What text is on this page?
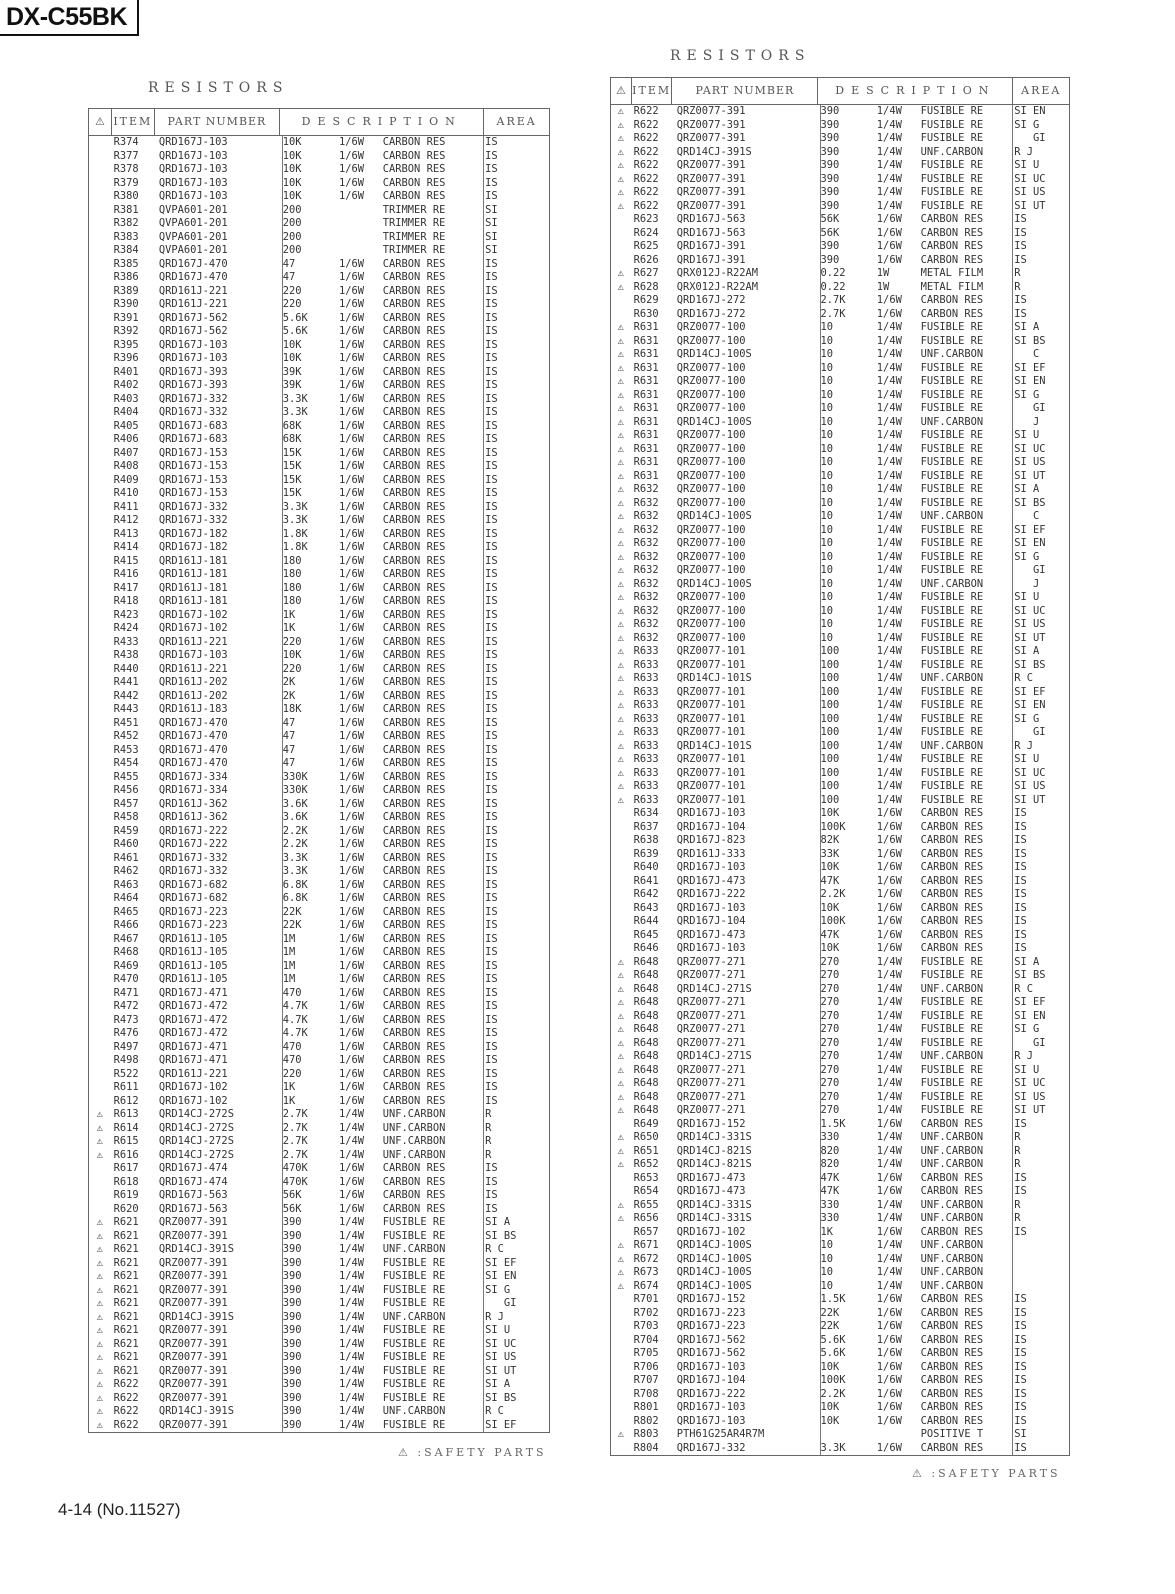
DX-C55BK
RESISTORS
⚠ ITEM	PART NUMBER	DESCRIPTION	AREA
R374	QRD167J-103	10K      1/6W   CARBON RES	IS
R377	QRD167J-103	10K      1/6W   CARBON RES	IS
R378	QRD167J-103	10K      1/6W   CARBON RES	IS
R379	QRD167J-103	10K      1/6W   CARBON RES	IS
R380	QRD167J-103	10K      1/6W   CARBON RES	IS
R381	QVPA601-201	200             TRIMMER RE	SI
R382	QVPA601-201	200             TRIMMER RE	SI
R383	QVPA601-201	200             TRIMMER RE	SI
R384	QVPA601-201	200             TRIMMER RE	SI
R385	QRD167J-470	47       1/6W   CARBON RES	IS
R386	QRD167J-470	47       1/6W   CARBON RES	IS
R389	QRD161J-221	220      1/6W   CARBON RES	IS
R390	QRD161J-221	220      1/6W   CARBON RES	IS
R391	QRD167J-562	5.6K     1/6W   CARBON RES	IS
R392	QRD167J-562	5.6K     1/6W   CARBON RES	IS
R395	QRD167J-103	10K      1/6W   CARBON RES	IS
R396	QRD167J-103	10K      1/6W   CARBON RES	IS
R401	QRD167J-393	39K      1/6W   CARBON RES	IS
R402	QRD167J-393	39K      1/6W   CARBON RES	IS
R403	QRD167J-332	3.3K     1/6W   CARBON RES	IS
R404	QRD167J-332	3.3K     1/6W   CARBON RES	IS
R405	QRD167J-683	68K      1/6W   CARBON RES	IS
R406	QRD167J-683	68K      1/6W   CARBON RES	IS
R407	QRD167J-153	15K      1/6W   CARBON RES	IS
R408	QRD167J-153	15K      1/6W   CARBON RES	IS
R409	QRD167J-153	15K      1/6W   CARBON RES	IS
R410	QRD167J-153	15K      1/6W   CARBON RES	IS
R411	QRD167J-332	3.3K     1/6W   CARBON RES	IS
R412	QRD167J-332	3.3K     1/6W   CARBON RES	IS
R413	QRD167J-182	1.8K     1/6W   CARBON RES	IS
R414	QRD167J-182	1.8K     1/6W   CARBON RES	IS
R415	QRD161J-181	180      1/6W   CARBON RES	IS
R416	QRD161J-181	180      1/6W   CARBON RES	IS
R417	QRD161J-181	180      1/6W   CARBON RES	IS
R418	QRD161J-181	180      1/6W   CARBON RES	IS
R423	QRD167J-102	1K       1/6W   CARBON RES	IS
R424	QRD167J-102	1K       1/6W   CARBON RES	IS
R433	QRD161J-221	220      1/6W   CARBON RES	IS
R438	QRD167J-103	10K      1/6W   CARBON RES	IS
R440	QRD161J-221	220      1/6W   CARBON RES	IS
R441	QRD161J-202	2K       1/6W   CARBON RES	IS
R442	QRD161J-202	2K       1/6W   CARBON RES	IS
R443	QRD161J-183	18K      1/6W   CARBON RES	IS
R451	QRD167J-470	47       1/6W   CARBON RES	IS
R452	QRD167J-470	47       1/6W   CARBON RES	IS
R453	QRD167J-470	47       1/6W   CARBON RES	IS
R454	QRD167J-470	47       1/6W   CARBON RES	IS
R455	QRD167J-334	330K     1/6W   CARBON RES	IS
R456	QRD167J-334	330K     1/6W   CARBON RES	IS
R457	QRD161J-362	3.6K     1/6W   CARBON RES	IS
R458	QRD161J-362	3.6K     1/6W   CARBON RES	IS
R459	QRD167J-222	2.2K     1/6W   CARBON RES	IS
R460	QRD167J-222	2.2K     1/6W   CARBON RES	IS
R461	QRD167J-332	3.3K     1/6W   CARBON RES	IS
R462	QRD167J-332	3.3K     1/6W   CARBON RES	IS
R463	QRD167J-682	6.8K     1/6W   CARBON RES	IS
R464	QRD167J-682	6.8K     1/6W   CARBON RES	IS
R465	QRD167J-223	22K      1/6W   CARBON RES	IS
R466	QRD167J-223	22K      1/6W   CARBON RES	IS
R467	QRD161J-105	1M       1/6W   CARBON RES	IS
R468	QRD161J-105	1M       1/6W   CARBON RES	IS
R469	QRD161J-105	1M       1/6W   CARBON RES	IS
R470	QRD161J-105	1M       1/6W   CARBON RES	IS
R471	QRD167J-471	470      1/6W   CARBON RES	IS
R472	QRD167J-472	4.7K     1/6W   CARBON RES	IS
R473	QRD167J-472	4.7K     1/6W   CARBON RES	IS
R476	QRD167J-472	4.7K     1/6W   CARBON RES	IS
R497	QRD167J-471	470      1/6W   CARBON RES	IS
R498	QRD167J-471	470      1/6W   CARBON RES	IS
R522	QRD161J-221	220      1/6W   CARBON RES	IS
R611	QRD167J-102	1K       1/6W   CARBON RES	IS
R612	QRD167J-102	1K       1/6W   CARBON RES	IS
⚠	R613	QRD14CJ-272S	2.7K     1/4W   UNF.CARBON	R
⚠	R614	QRD14CJ-272S	2.7K     1/4W   UNF.CARBON	R
⚠	R615	QRD14CJ-272S	2.7K     1/4W   UNF.CARBON	R
⚠	R616	QRD14CJ-272S	2.7K     1/4W   UNF.CARBON	R
R617	QRD167J-474	470K     1/6W   CARBON RES	IS
R618	QRD167J-474	470K     1/6W   CARBON RES	IS
R619	QRD167J-563	56K      1/6W   CARBON RES	IS
R620	QRD167J-563	56K      1/6W   CARBON RES	IS
⚠	R621	QRZ0077-391	390      1/4W   FUSIBLE RE	SI A
⚠	R621	QRZ0077-391	390      1/4W   FUSIBLE RE	SI BS
⚠	R621	QRD14CJ-391S	390      1/4W   UNF.CARBON	R C
⚠	R621	QRZ0077-391	390      1/4W   FUSIBLE RE	SI EF
⚠	R621	QRZ0077-391	390      1/4W   FUSIBLE RE	SI EN
⚠	R621	QRZ0077-391	390      1/4W   FUSIBLE RE	SI G
⚠	R621	QRZ0077-391	390      1/4W   FUSIBLE RE	GI
⚠	R621	QRD14CJ-391S	390      1/4W   UNF.CARBON	R J
⚠	R621	QRZ0077-391	390      1/4W   FUSIBLE RE	SI U
⚠	R621	QRZ0077-391	390      1/4W   FUSIBLE RE	SI UC
⚠	R621	QRZ0077-391	390      1/4W   FUSIBLE RE	SI US
⚠	R621	QRZ0077-391	390      1/4W   FUSIBLE RE	SI UT
⚠	R622	QRZ0077-391	390      1/4W   FUSIBLE RE	SI A
⚠	R622	QRZ0077-391	390      1/4W   FUSIBLE RE	SI BS
⚠	R622	QRD14CJ-391S	390      1/4W   UNF.CARBON	R C
⚠	R622	QRZ0077-391	390      1/4W   FUSIBLE RE	SI EF
⚠ :SAFETY PARTS
RESISTORS
⚠ ITEM	PART NUMBER	DESCRIPTION	AREA
⚠ R622	QRZ0077-391	390      1/4W   FUSIBLE RE	SI EN
⚠ R622	QRZ0077-391	390      1/4W   FUSIBLE RE	SI G
⚠ R622	QRZ0077-391	390      1/4W   FUSIBLE RE	GI
⚠ R622	QRD14CJ-391S	390      1/4W   UNF.CARBON	R J
⚠ R622	QRZ0077-391	390      1/4W   FUSIBLE RE	SI U
⚠ R622	QRZ0077-391	390      1/4W   FUSIBLE RE	SI UC
⚠ R622	QRZ0077-391	390      1/4W   FUSIBLE RE	SI US
⚠ R622	QRZ0077-391	390      1/4W   FUSIBLE RE	SI UT
R623	QRD167J-563	56K      1/6W   CARBON RES	IS
R624	QRD167J-563	56K      1/6W   CARBON RES	IS
R625	QRD167J-391	390      1/6W   CARBON RES	IS
R626	QRD167J-391	390      1/6W   CARBON RES	IS
⚠ R627	QRX012J-R22AM	0.22     1W     METAL FILM	R
⚠ R628	QRX012J-R22AM	0.22     1W     METAL FILM	R
R629	QRD167J-272	2.7K     1/6W   CARBON RES	IS
R630	QRD167J-272	2.7K     1/6W   CARBON RES	IS
⚠ R631	QRZ0077-100	10       1/4W   FUSIBLE RE	SI A
⚠ R631	QRZ0077-100	10       1/4W   FUSIBLE RE	SI BS
⚠ R631	QRD14CJ-100S	10       1/4W   UNF.CARBON	C
⚠ R631	QRZ0077-100	10       1/4W   FUSIBLE RE	SI EF
⚠ R631	QRZ0077-100	10       1/4W   FUSIBLE RE	SI EN
⚠ R631	QRZ0077-100	10       1/4W   FUSIBLE RE	SI G
⚠ R631	QRZ0077-100	10       1/4W   FUSIBLE RE	GI
⚠ R631	QRD14CJ-100S	10       1/4W   UNF.CARBON	J
⚠ R631	QRZ0077-100	10       1/4W   FUSIBLE RE	SI U
⚠ R631	QRZ0077-100	10       1/4W   FUSIBLE RE	SI UC
⚠ R631	QRZ0077-100	10       1/4W   FUSIBLE RE	SI US
⚠ R631	QRZ0077-100	10       1/4W   FUSIBLE RE	SI UT
⚠ R632	QRZ0077-100	10       1/4W   FUSIBLE RE	SI A
⚠ R632	QRZ0077-100	10       1/4W   FUSIBLE RE	SI BS
⚠ R632	QRD14CJ-100S	10       1/4W   UNF.CARBON	C
⚠ R632	QRZ0077-100	10       1/4W   FUSIBLE RE	SI EF
⚠ R632	QRZ0077-100	10       1/4W   FUSIBLE RE	SI EN
⚠ R632	QRZ0077-100	10       1/4W   FUSIBLE RE	SI G
⚠ R632	QRZ0077-100	10       1/4W   FUSIBLE RE	GI
⚠ R632	QRD14CJ-100S	10       1/4W   UNF.CARBON	J
⚠ R632	QRZ0077-100	10       1/4W   FUSIBLE RE	SI U
⚠ R632	QRZ0077-100	10       1/4W   FUSIBLE RE	SI UC
⚠ R632	QRZ0077-100	10       1/4W   FUSIBLE RE	SI US
⚠ R632	QRZ0077-100	10       1/4W   FUSIBLE RE	SI UT
⚠ R633	QRZ0077-101	100      1/4W   FUSIBLE RE	SI A
⚠ R633	QRZ0077-101	100      1/4W   FUSIBLE RE	SI BS
⚠ R633	QRD14CJ-101S	100      1/4W   UNF.CARBON	R C
⚠ R633	QRZ0077-101	100      1/4W   FUSIBLE RE	SI EF
⚠ R633	QRZ0077-101	100      1/4W   FUSIBLE RE	SI EN
⚠ R633	QRZ0077-101	100      1/4W   FUSIBLE RE	SI G
⚠ R633	QRZ0077-101	100      1/4W   FUSIBLE RE	GI
⚠ R633	QRD14CJ-101S	100      1/4W   UNF.CARBON	R J
⚠ R633	QRZ0077-101	100      1/4W   FUSIBLE RE	SI U
⚠ R633	QRZ0077-101	100      1/4W   FUSIBLE RE	SI UC
⚠ R633	QRZ0077-101	100      1/4W   FUSIBLE RE	SI US
⚠ R633	QRZ0077-101	100      1/4W   FUSIBLE RE	SI UT
R634	QRD167J-103	10K      1/6W   CARBON RES	IS
R637	QRD167J-104	100K     1/6W   CARBON RES	IS
R638	QRD167J-823	82K      1/6W   CARBON RES	IS
R639	QRD161J-333	33K      1/6W   CARBON RES	IS
R640	QRD167J-103	10K      1/6W   CARBON RES	IS
R641	QRD167J-473	47K      1/6W   CARBON RES	IS
R642	QRD167J-222	2.2K     1/6W   CARBON RES	IS
R643	QRD167J-103	10K      1/6W   CARBON RES	IS
R644	QRD167J-104	100K     1/6W   CARBON RES	IS
R645	QRD167J-473	47K      1/6W   CARBON RES	IS
R646	QRD167J-103	10K      1/6W   CARBON RES	IS
⚠ R648	QRZ0077-271	270      1/4W   FUSIBLE RE	SI A
⚠ R648	QRZ0077-271	270      1/4W   FUSIBLE RE	SI BS
⚠ R648	QRD14CJ-271S	270      1/4W   UNF.CARBON	R C
⚠ R648	QRZ0077-271	270      1/4W   FUSIBLE RE	SI EF
⚠ R648	QRZ0077-271	270      1/4W   FUSIBLE RE	SI EN
⚠ R648	QRZ0077-271	270      1/4W   FUSIBLE RE	SI G
⚠ R648	QRZ0077-271	270      1/4W   FUSIBLE RE	GI
⚠ R648	QRD14CJ-271S	270      1/4W   UNF.CARBON	R J
⚠ R648	QRZ0077-271	270      1/4W   FUSIBLE RE	SI U
⚠ R648	QRZ0077-271	270      1/4W   FUSIBLE RE	SI UC
⚠ R648	QRZ0077-271	270      1/4W   FUSIBLE RE	SI US
⚠ R648	QRZ0077-271	270      1/4W   FUSIBLE RE	SI UT
R649	QRD167J-152	1.5K     1/6W   CARBON RES	IS
⚠ R650	QRD14CJ-331S	330      1/4W   UNF.CARBON	R
⚠ R651	QRD14CJ-821S	820      1/4W   UNF.CARBON	R
⚠ R652	QRD14CJ-821S	820      1/4W   UNF.CARBON	R
R653	QRD167J-473	47K      1/6W   CARBON RES	IS
R654	QRD167J-473	47K      1/6W   CARBON RES	IS
⚠ R655	QRD14CJ-331S	330      1/4W   UNF.CARBON	R
⚠ R656	QRD14CJ-331S	330      1/4W   UNF.CARBON	R
R657	QRD167J-102	1K       1/6W   CARBON RES	IS
⚠ R671	QRD14CJ-100S	10       1/4W   UNF.CARBON
⚠ R672	QRD14CJ-100S	10       1/4W   UNF.CARBON
⚠ R673	QRD14CJ-100S	10       1/4W   UNF.CARBON
⚠ R674	QRD14CJ-100S	10       1/4W   UNF.CARBON
R701	QRD167J-152	1.5K     1/6W   CARBON RES	IS
R702	QRD167J-223	22K      1/6W   CARBON RES	IS
R703	QRD167J-223	22K      1/6W   CARBON RES	IS
R704	QRD167J-562	5.6K     1/6W   CARBON RES	IS
R705	QRD167J-562	5.6K     1/6W   CARBON RES	IS
R706	QRD167J-103	10K      1/6W   CARBON RES	IS
R707	QRD167J-104	100K     1/6W   CARBON RES	IS
R708	QRD167J-222	2.2K     1/6W   CARBON RES	IS
R801	QRD167J-103	10K      1/6W   CARBON RES	IS
R802	QRD167J-103	10K      1/6W   CARBON RES	IS
⚠ R803	PTH61G25AR4R7M	POSITIVE T	SI
R804	QRD167J-332	3.3K     1/6W   CARBON RES	IS
⚠ :SAFETY PARTS
4-14 (No.11527)
